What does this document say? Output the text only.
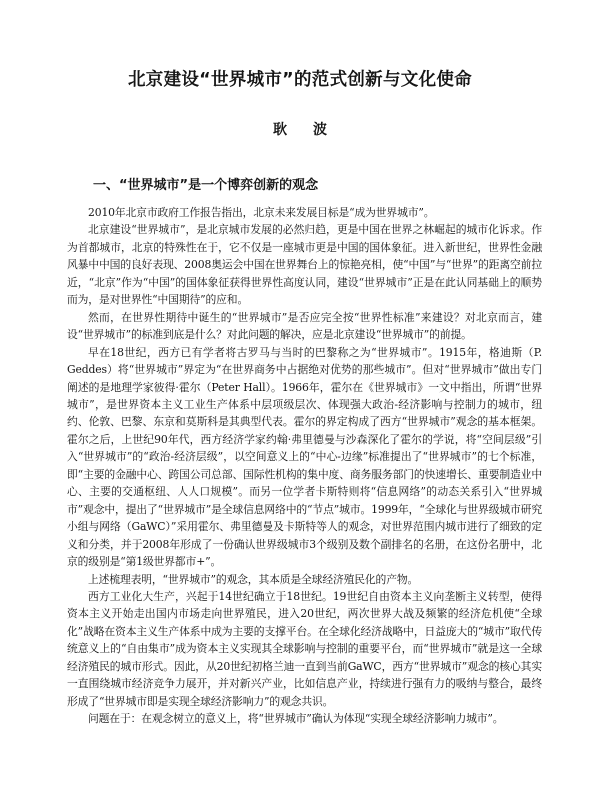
北京建设“世界城市”的范式创新与文化使命
耿波
一、“世界城市”是一个博弈创新的观念

2010年北京市政府工作报告指出，北京未来发展目标是“成为世界城市”。

北京建设“世界城市”，是北京城市发展的必然归趋，更是中国在世界之林崛起的城市化诉求。作为首都城市，北京的特殊性在于，它不仅是一座城市更是中国的国体象征。进入新世纪，世界性金融风暴中中国的良好表现、2008奥运会中国在世界舞台上的惊艳亮相，使“中国”与“世界”的距离空前拉近，“北京”作为“中国”的国体象征获得世界性高度认同，建设“世界城市”正是在此认同基础上的顺势而为，是对世界性“中国期待”的应和。

然而，在世界性期待中诞生的“世界城市”是否应完全按“世界性标准”来建设？对北京而言，建设“世界城市”的标准到底是什么？对此问题的解决，应是北京建设“世界城市”的前提。

早在18世纪，西方已有学者将古罗马与当时的巴黎称之为“世界城市”。1915年，格迪斯（P. Geddes）将“世界城市”界定为“在世界商务中占据绝对优势的那些城市”。但对“世界城市”做出专门阐述的是地理学家彼得·霍尔（Peter Hall）。1966年，霍尔在《世界城市》一文中指出，所谓“世界城市”，是世界资本主义工业生产体系中层项级层次、体现强大政治-经济影响与控制力的城市，纽约、伦敦、巴黎、东京和莫斯科是其典型代表。霍尔的界定构成了西方“世界城市”观念的基本框架。霍尔之后，上世纪90年代，西方经济学家约翰·弗里德曼与沙森深化了霍尔的学说，将“空间层级”引入“世界城市”的“政治-经济层级”，以空间意义上的“中心-边缘”标准提出了“世界城市”的七个标准，即“主要的金融中心、跨国公司总部、国际性机构的集中度、商务服务部门的快速增长、重要制造业中心、主要的交通枢纽、人人口规模”。而另一位学者卡斯特则将“信息网络”的动态关系引入“世界城市”观念中，提出了“世界城市”是全球信息网络中的“节点”城市。1999年，“全球化与世界级城市研究小组与网络（GaWC）”采用霍尔、弗里德曼及卡斯特等人的观念，对世界范围内城市进行了细致的定义和分类，并于2008年形成了一份确认世界级城市3个级别及数个副排名的名册，在这份名册中，北京的级别是“第1级世界都市+”。

上述梳理表明，“世界城市”的观念，其本质是全球经济殖民化的产物。

西方工业化大生产，兴起于14世纪确立于18世纪。19世纪自由资本主义向垄断主义转型，使得资本主义开始走出国内市场走向世界殖民，进入20世纪，两次世界大战及频繁的经济危机使“全球化”战略在资本主义生产体系中成为主要的支撑平台。在全球化经济战略中，日益庞大的“城市”取代传统意义上的“自由集市”成为资本主义实现其全球影响与控制的重要平台，而“世界城市”就是这一全球经济殖民的城市形式。因此，从20世纪初格兰迪一直到当前GaWC，西方“世界城市”观念的核心其实一直围绕城市经济竞争力展开，并对新兴产业，比如信息产业，持续进行强有力的吸纳与整合，最终形成了“世界城市即是实现全球经济影响力”的观念共识。

问题在于：在观念树立的意义上，将“世界城市”确认为体现“实现全球经济影响力城市”。
